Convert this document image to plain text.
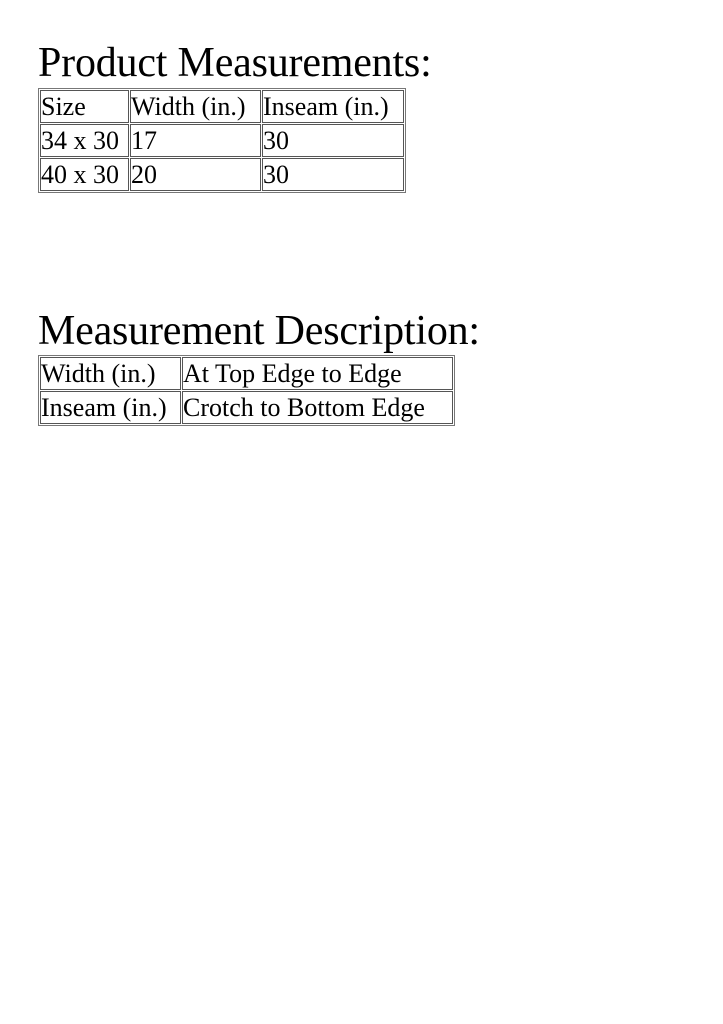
Product Measurements:
Size	Width (in.)	Inseam (in.)
34 x 30	17	30
40 x 30	20	30
Measurement Description:
Width (in.)	At Top Edge to Edge
Inseam (in.)	Crotch to Bottom Edge
